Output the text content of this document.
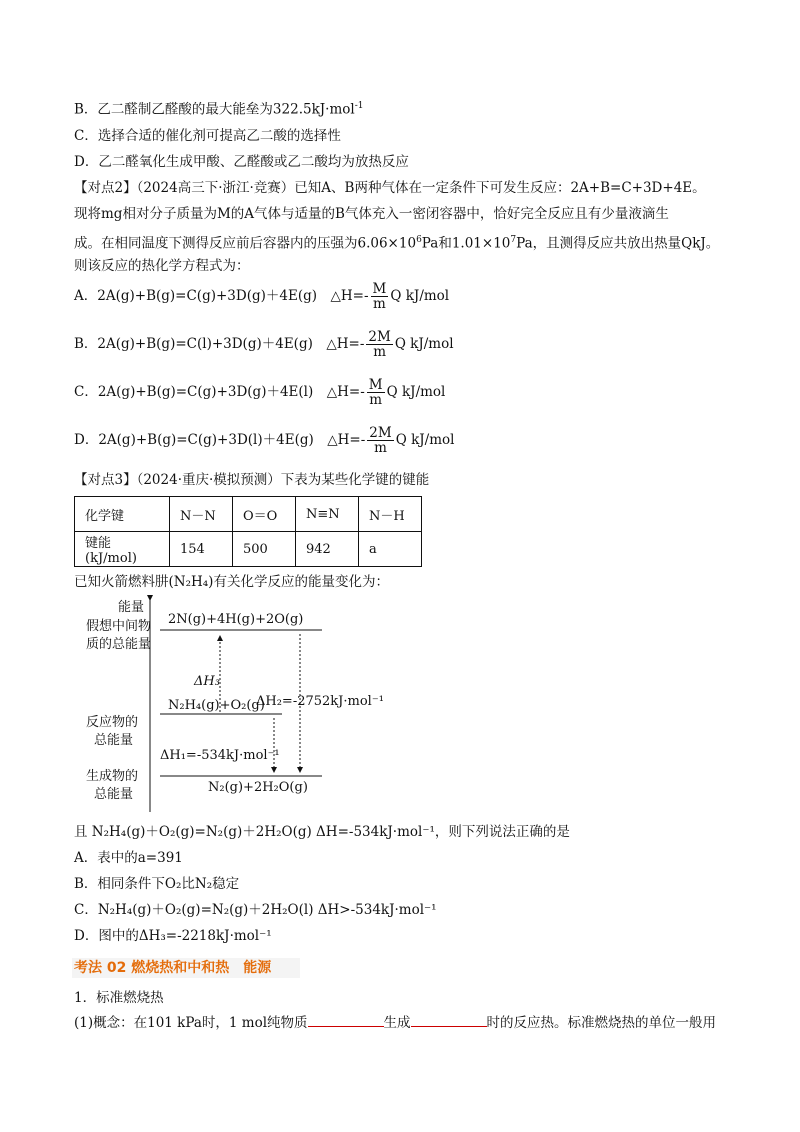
B．乙二醛制乙醛酸的最大能垒为322.5kJ·mol$^{-1}$
C．选择合适的催化剂可提高乙二酸的选择性
D．乙二醛氧化生成甲酸、乙醛酸或乙二酸均为放热反应
【对点2】（2024高三下·浙江·竞赛）已知A、B两种气体在一定条件下可发生反应：2A+B=C+3D+4E。
现将mg相对分子质量为M的A气体与适量的B气体充入一密闭容器中，恰好完全反应且有少量液滴生
成。在相同温度下测得反应前后容器内的压强为$6.06\times 10^6Pa$和$1.01\times 10^7Pa$，且测得反应共放出热量QkJ。
则该反应的热化学方程式为：
A．2A(g)+B(g)=C(g)+3D(g)＋4E(g)　△H=- $\frac{M}{m}$ Q kJ/mol
B．2A(g)+B(g)=C(l)+3D(g)＋4E(g)　△H=- $\frac{2M}{m}$ Q kJ/mol
C．2A(g)+B(g)=C(g)+3D(g)＋4E(l)　△H=- $\frac{M}{m}$ Q kJ/mol
D．2A(g)+B(g)=C(g)+3D(l)＋4E(g)　△H=- $\frac{2M}{m}$ Q kJ/mol
【对点3】（2024·重庆·模拟预测）下表为某些化学键的键能
化学键	N－N	O＝O	N≡N	N－H
键能(kJ/mol)	154	500	942	a
已知火箭燃料肼(N₂H₄)有关化学反应的能量变化为：
能量
假想中间物
质的总能量
反应物的
总能量
生成物的
总能量
2N(g)+4H(g)+2O(g)
N₂H₄(g)+O₂(g)
N₂(g)+2H₂O(g)
ΔH₃
ΔH₂=-2752kJ·mol⁻¹
ΔH₁=-534kJ·mol⁻¹
且 N₂H₄(g)＋O₂(g)=N₂(g)＋2H₂O(g) ΔH=-534kJ·mol⁻¹，则下列说法正确的是
A．表中的a=391
B．相同条件下O₂比N₂稳定
C．N₂H₄(g)＋O₂(g)=N₂(g)＋2H₂O(l) ΔH>-534kJ·mol⁻¹
D．图中的ΔH₃=-2218kJ·mol⁻¹
考法 02 燃烧热和中和热　能源
1．标准燃烧热
(1)概念：在101 kPa时，1 mol纯物质	生成	时的反应热。标准燃烧热的单位一般用
